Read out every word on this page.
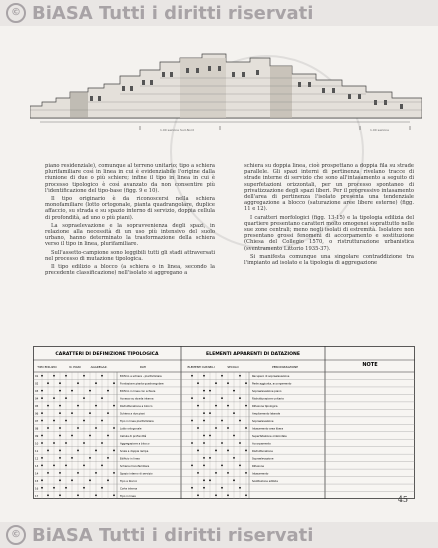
© BiASA Tutti i diritti riservati
1.00 sezione Sud-Nord	1.00 sezione

piano residenziale), comunque al terreno unitario; tipo a schiera plurifamiliare così in linea in cui è evidenziabile l'origine dalla riunione di due o più schiere; infine il tipo in linea in cui è processo tipologico è così avanzato da non consentire più l'identificazione del tipo-base (figg. 9 e 10).

Il tipo originario è da riconoscersi nella schiera monofamiliare (lotto ortogonale, pianta quadrangolare, duplice affaccio, su strada e su spazio interno di servizio, doppia cellula di profondità, ad uno o più piani).

La sopraelevazione e la sopravvenienza degli spazi, in relazione alla necessità di un uso più intensivo del suolo urbano, hanno determinato la trasformazione della schiera verso il tipo in linea, plurifamiliare.

Sull'assetto-campione sono leggibili tutti gli stadi attraversati nel processo di mutazione tipologica.

Il tipo edilizio a blocco (a schiera o in linea, secondo la precedente classificazione) nell'isolato si aggregano a

schiera su doppia linea, cioè prospettano a doppia fila su strade parallele. Gli spazi interni di pertinenza rivelano tracce di strade interne di servizio che sono all'intasamento a seguito di superfetazioni orizzontali, per un processo spontaneo di privatizzazione degli spazi liberi. Per il progressivo intasamento dell'area di pertinenza l'isolato presenta una tendenziale aggregazione a blocco (saturazione aree libere esterne) (figg. 11 e 12).

I caratteri morfologici (figg. 13-15) e la tipologia edilizia del quartiere presentano caratteri molto omogenei soprattutto nelle sue zone centrali; meno negli isolati di estremità. Isolatore non presentano grossi fenomeni di accorpamento e sostituzione (Chiesa del Collegio 1570, o ristrutturazione urbanistica (sventramento Littorio 1935-37).

Si manifesta comunque una singolare contraddizione tra l'impianto ad isolato e la tipologia di aggregazione

CARATTERI DI DEFINIZIONE TIPOLOGICA	ELEMENTI APPARENTI DI DATAZIONE
NOTE
TIPO EDILIZIO	N. PIANI	AGGREGAZ.	DATI	ELEMENTI DATABILI	SECOLO	PERIODIZZAZIONE
01	Edificio a schiera - plurifamiliare	Recupero di sopraelevazione
02	Fondazione pianta quadrangolare	Parte aggiunta, accorpamento
03	Edificio in linea con schiere	Sopraelevazione piano
04	Accesso su strada interna	Ristrutturazione unitaria
05	Ristrutturazione a blocco	Rifusione tipologica
06	Schiera a due piani	Ampliamento laterale
07	Tipo in linea plurifamiliare	Sopraelevazione
08	Lotto ortogonale	Intasamento area libera
09	Cellula di profondità	Superfetazione orizzontale
10	Aggregazione a blocco	Accorpamento
11	Scala a doppia rampa	Ristrutturazione
12	Edificio in linea	Sopraelevazione
13	Schiera monofamiliare	Rifusione
14	Spazio interno di servizio	Intasamento
15	Tipo a blocco	Sostituzione edilizia
16	Corte interna
17	Tipo in linea	45
© BiASA Tutti i diritti riservati
